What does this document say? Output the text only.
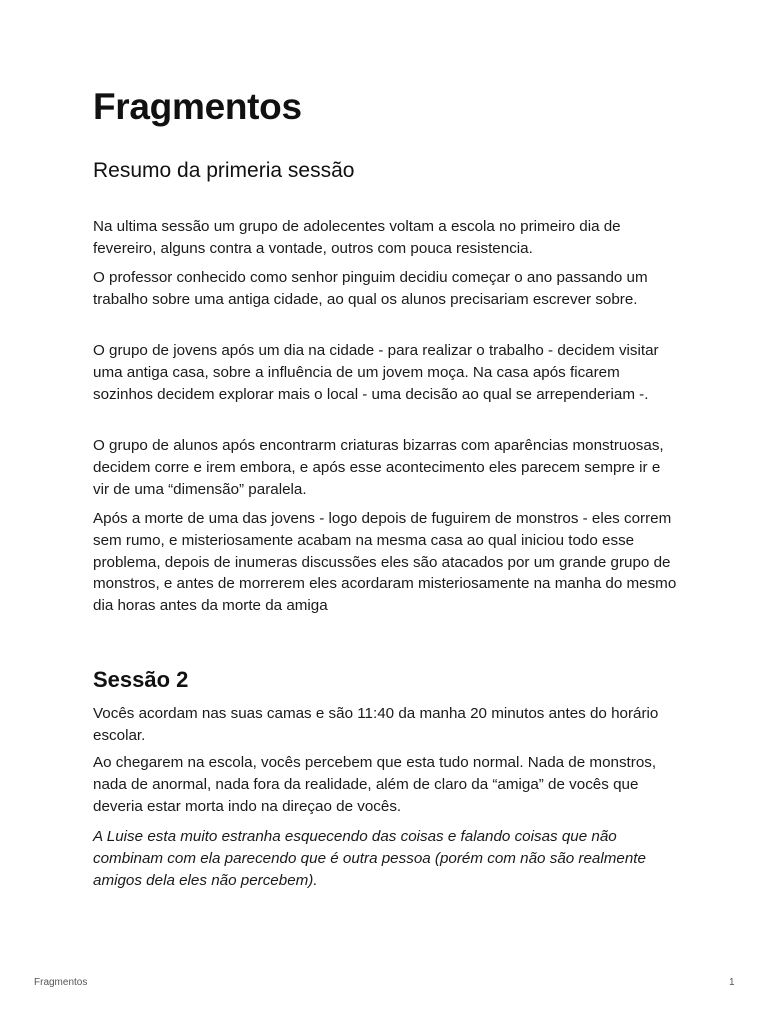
Fragmentos
Resumo da primeria sessão

Na ultima sessão um grupo de adolecentes voltam a escola no primeiro dia de fevereiro, alguns contra a vontade, outros com pouca resistencia.

O professor conhecido como senhor pinguim decidiu começar o ano passando um trabalho sobre uma antiga cidade, ao qual os alunos precisariam escrever sobre.

O grupo de jovens após um dia na cidade - para realizar o trabalho - decidem visitar uma antiga casa, sobre a influência de um jovem moça. Na casa após ficarem sozinhos decidem explorar mais o local - uma decisão ao qual se arrependeriam -.

O grupo de alunos após encontrarm criaturas bizarras com aparências monstruosas, decidem corre e irem embora, e após esse acontecimento eles parecem sempre ir e vir de uma “dimensão” paralela.

Após a morte de uma das jovens - logo depois de fuguirem de monstros - eles correm sem rumo, e misteriosamente acabam na mesma casa ao qual iniciou todo esse problema, depois de inumeras discussões eles são atacados por um grande grupo de monstros, e antes de morrerem eles acordaram misteriosamente na manha do mesmo dia horas antes da morte da amiga

Sessão 2

Vocês acordam nas suas camas e são 11:40 da manha 20 minutos antes do horário escolar.

Ao chegarem na escola, vocês percebem que esta tudo normal. Nada de monstros, nada de anormal, nada fora da realidade, além de claro da “amiga” de vocês que deveria estar morta indo na direçao de vocês.

A Luise esta muito estranha esquecendo das coisas e falando coisas que não combinam com ela parecendo que é outra pessoa (porém com não são realmente amigos dela eles não percebem).

Fragmentos	1
